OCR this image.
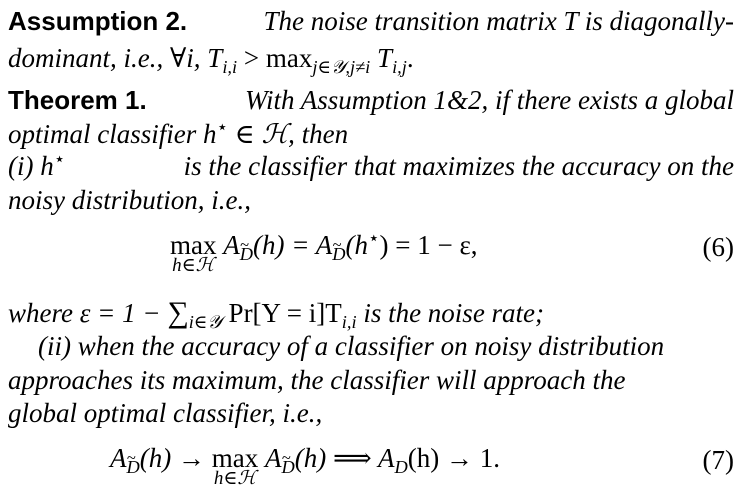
Assumption 2.	The noise transition matrix T is diagonally-
dominant, i.e., ∀i, $T_{i,i} > \max_{j\in 𝒴,j\ne i} T_{i,j}$.
Theorem 1.	With Assumption 1&2, if there exists a global
optimal classifier h⋆ ∈ ℋ, then
(i) h⋆	is the classifier that maximizes the accuracy on the
noisy distribution, i.e.,
max
h∈ℋ
$A_D(h) = A_D(h^⋆) = 1 - \varepsilon$,	(6)
where $\varepsilon = 1 - \sum_{i\in 𝒴}$ $Pr[Y = i]T_{i,i}$ is the noise rate;
(ii) when the accuracy of a classifier on noisy distribution
approaches its maximum, the classifier will approach the
global optimal classifier, i.e.,
$A_D(h) \to \max$
h∈ℋ
$A_D(h)$ ⟹ $A_D(h) \to 1$.	(7)
